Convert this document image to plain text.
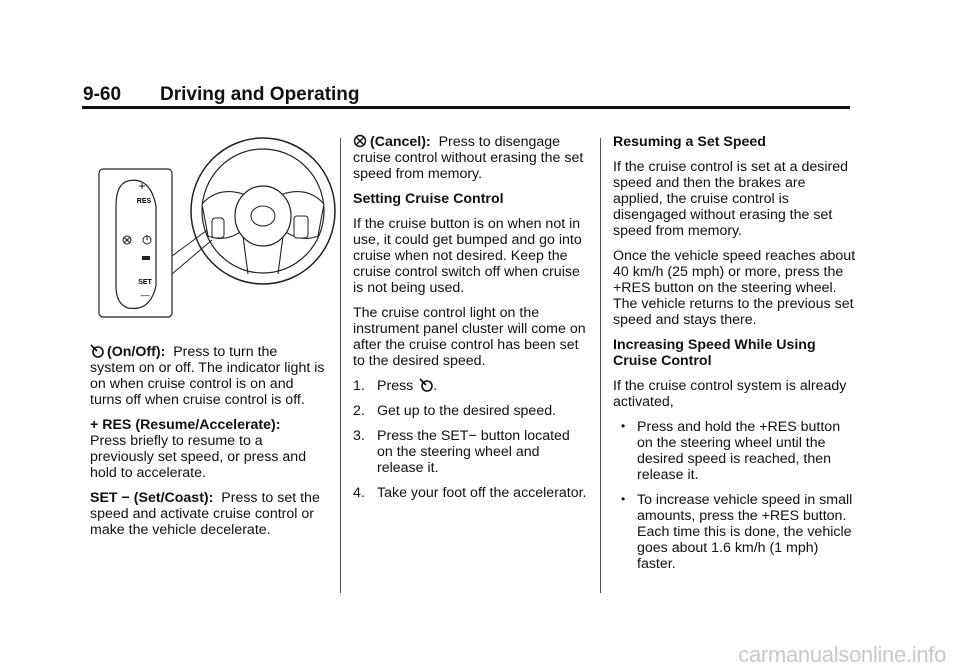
9-60 Driving and Operating
+
RES
SET
—

(On/Off): Press to turn the system on or off. The indicator light is on when cruise control is on and turns off when cruise control is off.

+ RES (Resume/Accelerate):
Press briefly to resume to a previously set speed, or press and hold to accelerate.

SET − (Set/Coast): Press to set the speed and activate cruise control or make the vehicle decelerate.

(Cancel): Press to disengage cruise control without erasing the set speed from memory.

Setting Cruise Control

If the cruise button is on when not in use, it could get bumped and go into cruise when not desired. Keep the cruise control switch off when cruise is not being used.

The cruise control light on the instrument panel cluster will come on after the cruise control has been set to the desired speed.

1. Press .
2. Get up to the desired speed.
3. Press the SET− button located on the steering wheel and release it.
4. Take your foot off the accelerator.

Resuming a Set Speed

If the cruise control is set at a desired speed and then the brakes are applied, the cruise control is disengaged without erasing the set speed from memory.

Once the vehicle speed reaches about 40 km/h (25 mph) or more, press the +RES button on the steering wheel. The vehicle returns to the previous set speed and stays there.

Increasing Speed While Using Cruise Control

If the cruise control system is already activated,

• Press and hold the +RES button on the steering wheel until the desired speed is reached, then release it.
• To increase vehicle speed in small amounts, press the +RES button. Each time this is done, the vehicle goes about 1.6 km/h (1 mph) faster.
carmanualsonline.info
